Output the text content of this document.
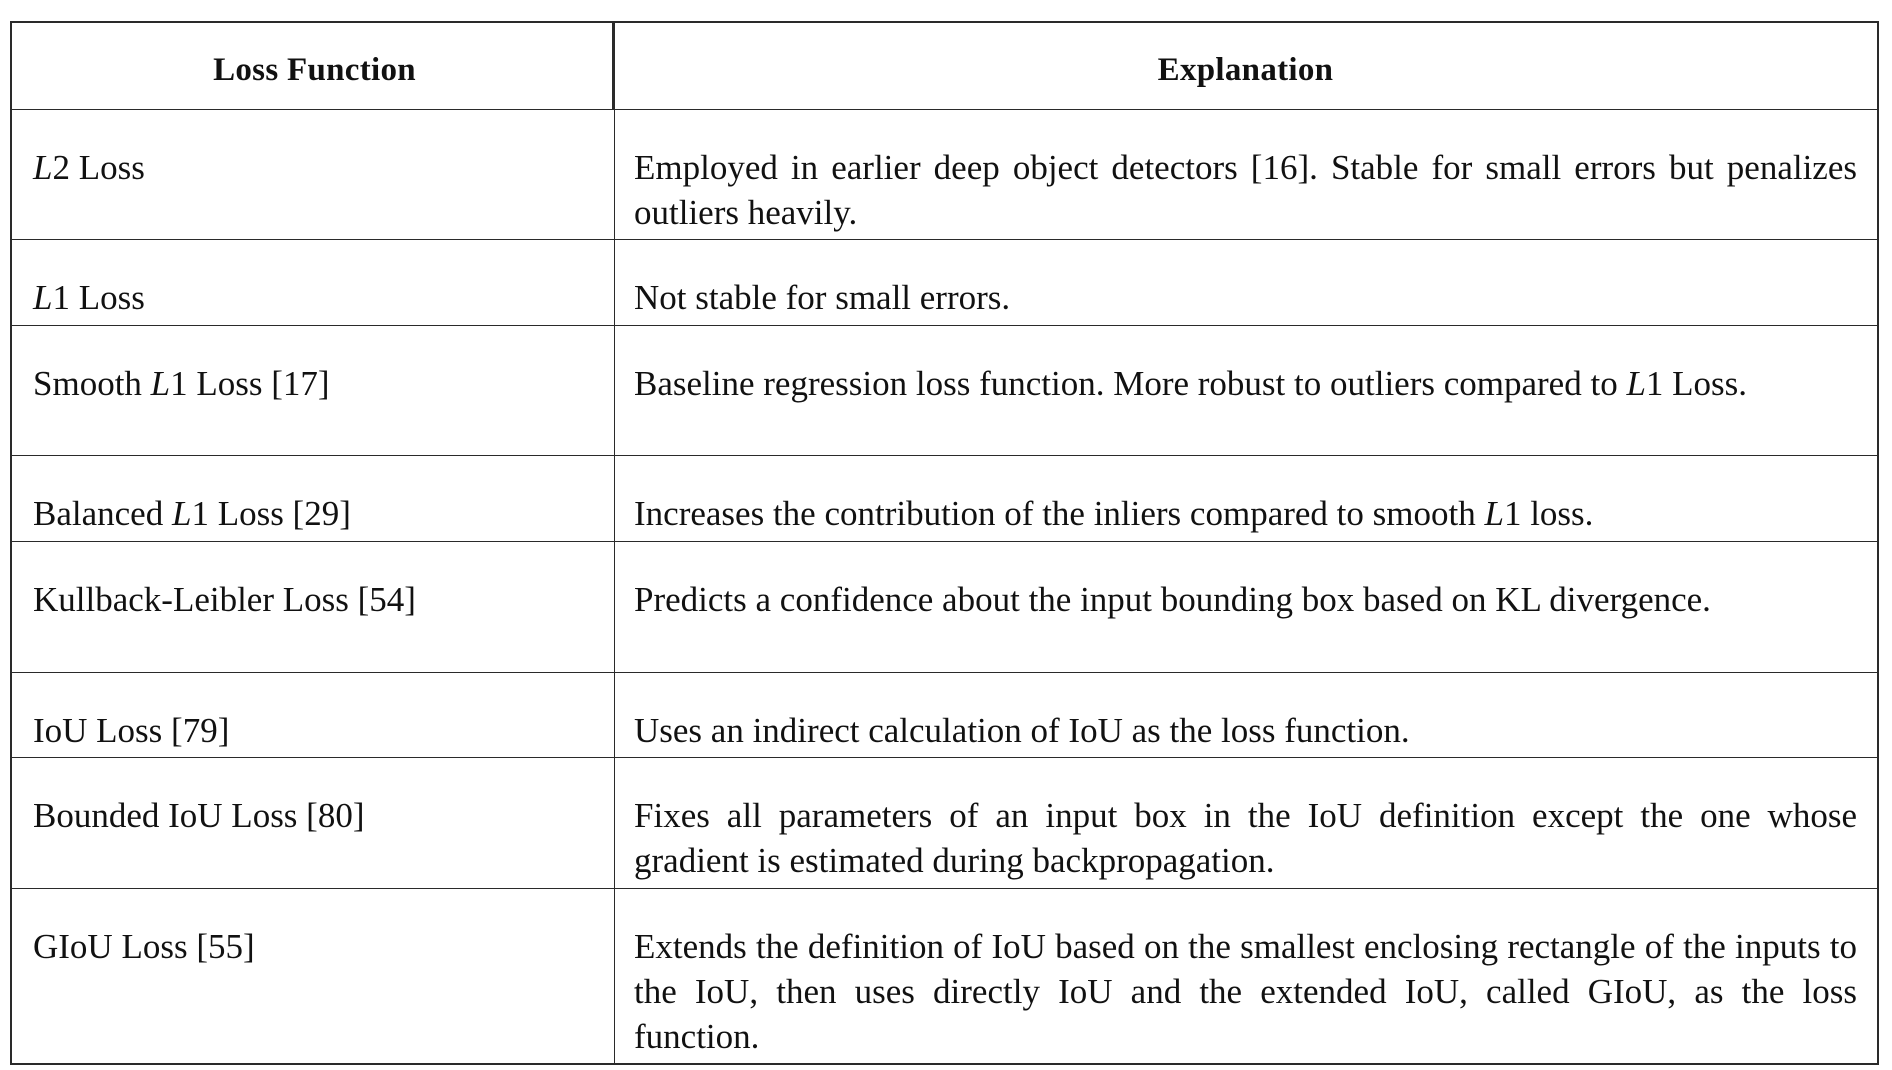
Loss Function	Explanation
L2 Loss	Employed in earlier deep object detectors [16]. Stable for small errors but penalizes outliers heavily.
L1 Loss	Not stable for small errors.
Smooth L1 Loss [17]	Baseline regression loss function. More robust to outliers compared to L1 Loss.
Balanced L1 Loss [29]	Increases the contribution of the inliers compared to smooth L1 loss.
Kullback-Leibler Loss [54]	Predicts a confidence about the input bounding box based on KL divergence.
IoU Loss [79]	Uses an indirect calculation of IoU as the loss function.
Bounded IoU Loss [80]	Fixes all parameters of an input box in the IoU definition except the one whose gradient is estimated during backpropagation.
GIoU Loss [55]	Extends the definition of IoU based on the smallest enclosing rectangle of the inputs to the IoU, then uses directly IoU and the extended IoU, called GIoU, as the loss function.
